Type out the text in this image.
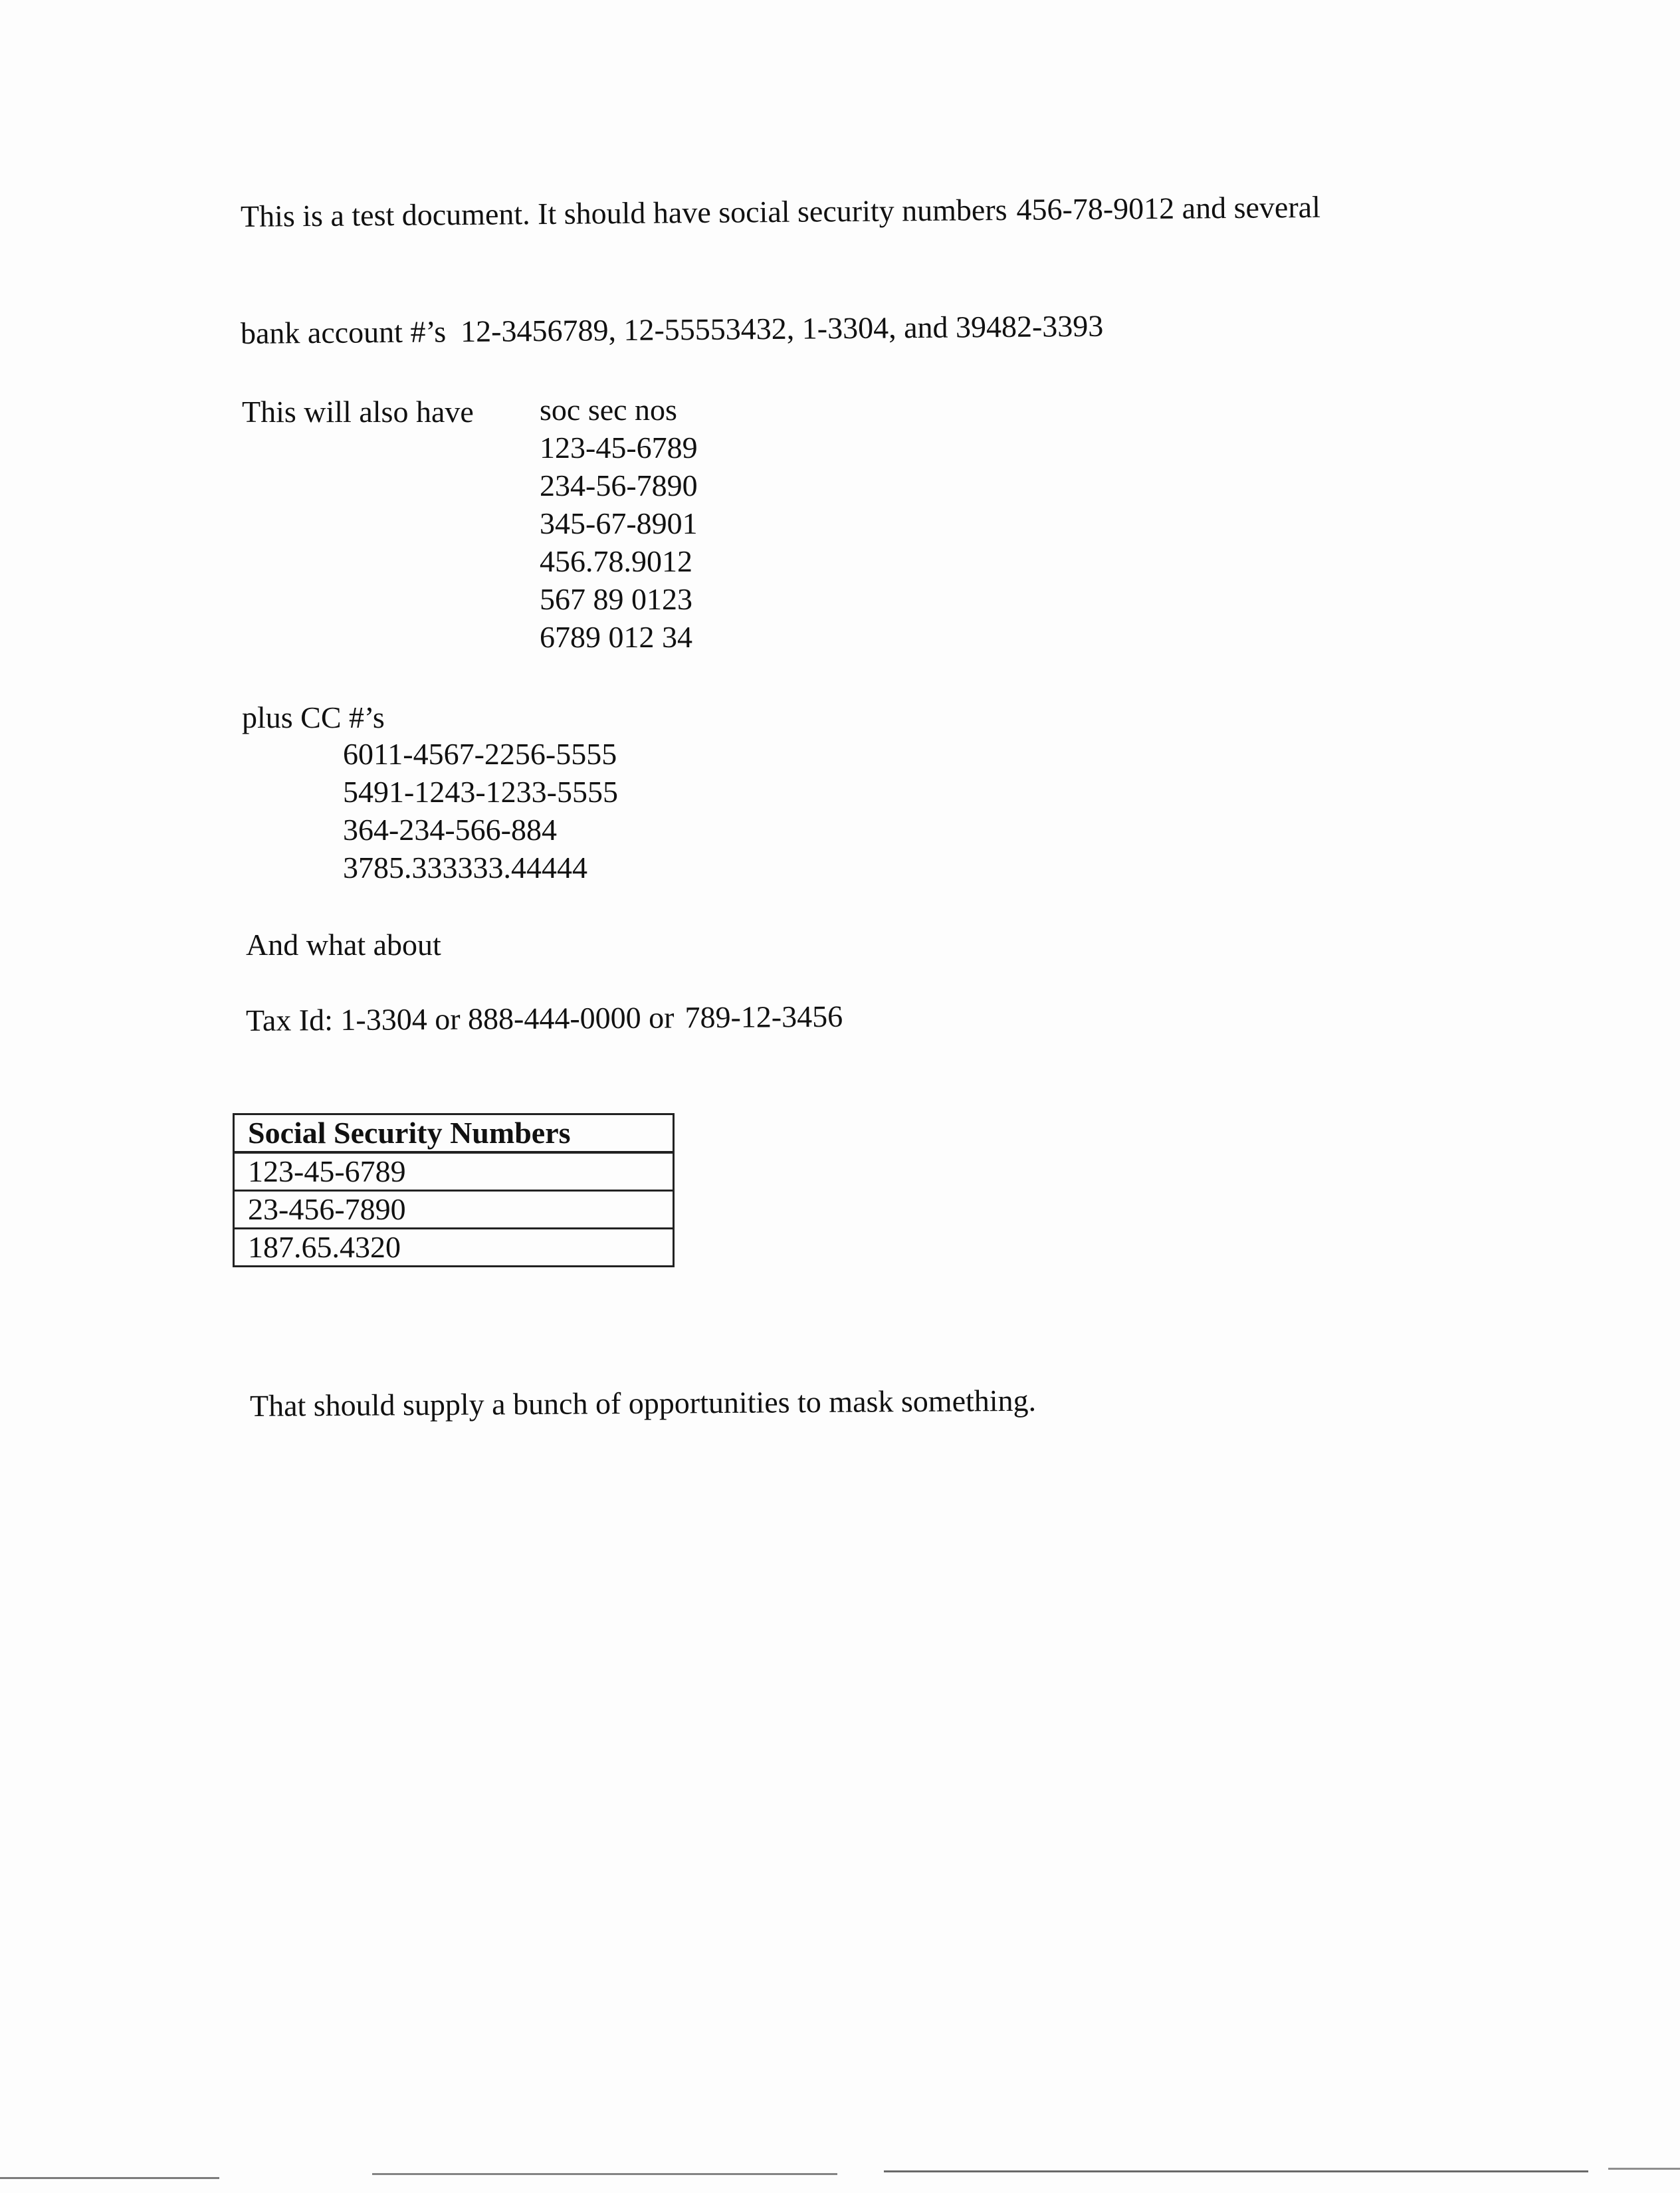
This is a test document. It should have social security numbers 456-78-9012 and several
bank account #’s 12-3456789, 12-55553432, 1-3304, and 39482-3393
This will also have soc sec nos
123-45-6789
234-56-7890
345-67-8901
456.78.9012
567 89 0123
6789 012 34
plus CC #’s
6011-4567-2256-5555
5491-1243-1233-5555
364-234-566-884
3785.333333.44444
And what about
Tax Id: 1-3304 or 888-444-0000 or 789-12-3456
Social Security Numbers
123-45-6789
23-456-7890
187.65.4320
That should supply a bunch of opportunities to mask something.
